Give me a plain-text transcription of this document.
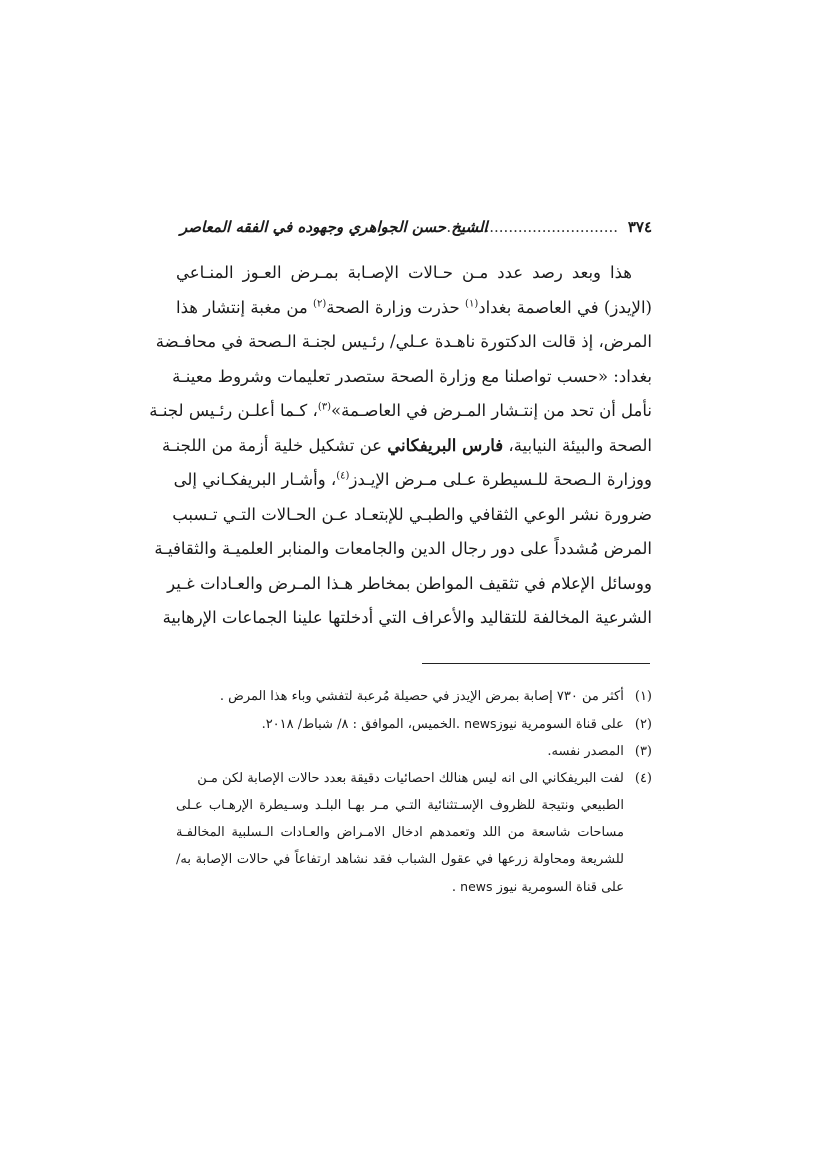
٣٧٤
....................................
الشيخ حسن الجواهري وجهوده في الفقه المعاصر
هذا وبعد رصد عدد مـن حـالات الإصـابة بمـرض العـوز المنـاعي
(الإيدز) في العاصمة بغداد$^{(١)}$ حذرت وزارة الصحة$^{(٢)}$ من مغبة إنتشار هذا
المرض، إذ قالت الدكتورة ناهـدة عـلي/ رئـيس لجنـة الـصحة في محافـضة
بغداد: «حسب تواصلنا مع وزارة الصحة ستصدر تعليمات وشروط معينـة
نأمل أن تحد من إنتـشار المـرض في العاصـمة»$^{(٣)}$، كـما أعلـن رئـيس لجنـة
الصحة والبيئة النيابية، فارس البريفكاني عن تشكيل خلية أزمة من اللجنـة
ووزارة الـصحة للـسيطرة عـلى مـرض الإيـدز$^{(٤)}$، وأشـار البريفكـاني إلى
ضرورة نشر الوعي الثقافي والطبـي للإبتعـاد عـن الحـالات التـي تـسبب
المرض مُشدداً على دور رجال الدين والجامعات والمنابر العلميـة والثقافيـة
ووسائل الإعلام في تثقيف المواطن بمخاطر هـذا المـرض والعـادات غـير
الشرعية المخالفة للتقاليد والأعراف التي أدخلتها علينا الجماعات الإرهابية
(١) أكثر من ٧٣٠ إصابة بمرض الإيدز في حصيلة مُرعبة لتفشي وباء هذا المرض .
(٢) على قناة السومرية نيوزnews .الخميس، الموافق : ٨/ شباط/ ٢٠١٨.
(٣) المصدر نفسه.
(٤) لفت البريفكاني الى انه ليس هنالك احصائيات دقيقة بعدد حالات الإصابة لكن مـن
الطبيعي ونتيجة للظروف الإسـتثنائية التـي مـر بهـا البلـد وسـيطرة الإرهـاب عـلى
مساحات شاسعة من اللد وتعمدهم ادخال الامـراض والعـادات الـسلبية المخالفـة
للشريعة ومحاولة زرعها في عقول الشباب فقد نشاهد ارتفاعاً في حالات الإصابة به/
على قناة السومرية نيوز news .
